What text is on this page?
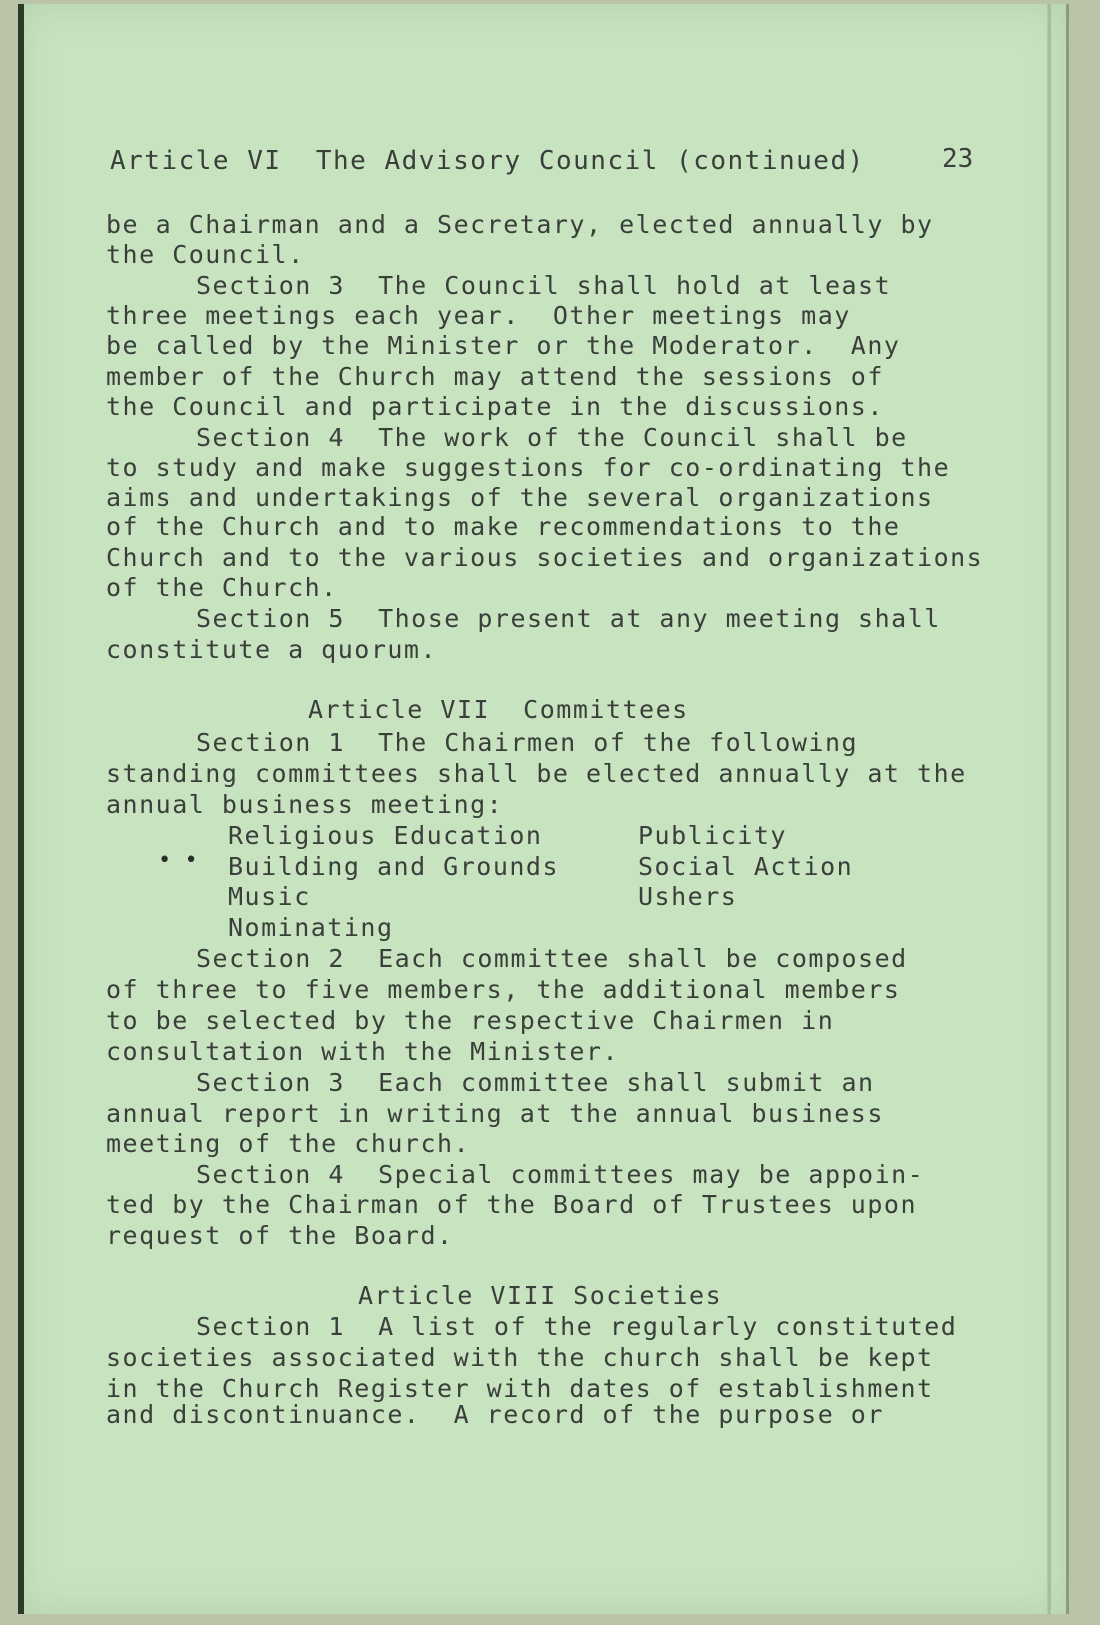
Article VI  The Advisory Council (continued)	23
be a Chairman and a Secretary, elected annually by
the Council.
Section 3  The Council shall hold at least
three meetings each year.  Other meetings may
be called by the Minister or the Moderator.  Any
member of the Church may attend the sessions of
the Council and participate in the discussions.
Section 4  The work of the Council shall be
to study and make suggestions for co-ordinating the
aims and undertakings of the several organizations
of the Church and to make recommendations to the
Church and to the various societies and organizations
of the Church.
Section 5  Those present at any meeting shall
constitute a quorum.
Article VII  Committees
Section 1  The Chairmen of the following
standing committees shall be elected annually at the
annual business meeting:
• •
Religious Education
Building and Grounds
Music
Nominating
Publicity
Social Action
Ushers
Section 2  Each committee shall be composed
of three to five members, the additional members
to be selected by the respective Chairmen in
consultation with the Minister.
Section 3  Each committee shall submit an
annual report in writing at the annual business
meeting of the church.
Section 4  Special committees may be appoin-
ted by the Chairman of the Board of Trustees upon
request of the Board.
Article VIII Societies
Section 1  A list of the regularly constituted
societies associated with the church shall be kept
in the Church Register with dates of establishment
and discontinuance.  A record of the purpose or
